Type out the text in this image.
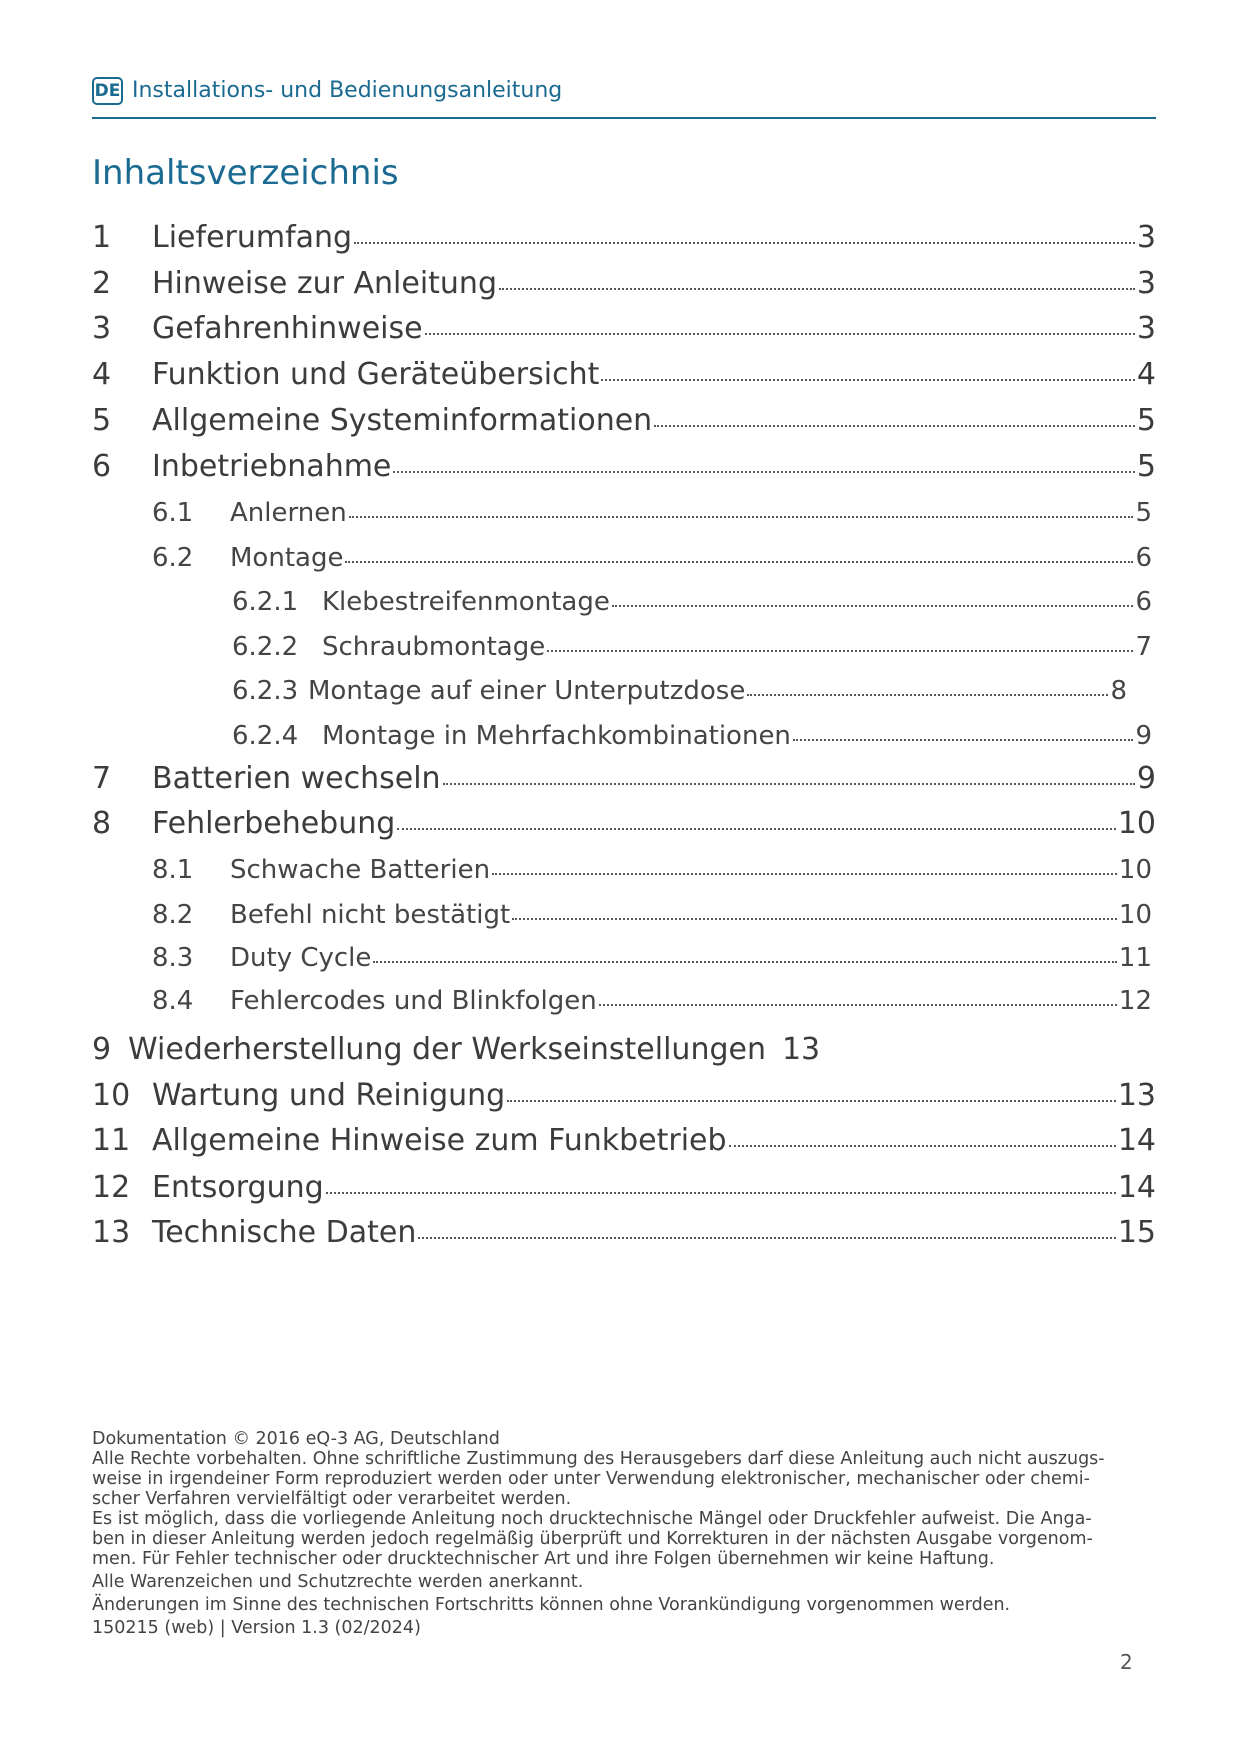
DE Installations- und Bedienungsanleitung
Inhaltsverzeichnis
1	Lieferumfang	3
2	Hinweise zur Anleitung	3
3	Gefahrenhinweise	3
4	Funktion und Geräteübersicht	4
5	Allgemeine Systeminformationen	5
6	Inbetriebnahme	5
6.1	Anlernen	5
6.2	Montage	6
6.2.1 Klebestreifenmontage	6
6.2.2 Schraubmontage	7
6.2.3 Montage auf einer Unterputzdose	8
6.2.4 Montage in Mehrfachkombinationen	9
7	Batterien wechseln	9
8	Fehlerbehebung	10
8.1	Schwache Batterien	10
8.2	Befehl nicht bestätigt	10
8.3	Duty Cycle	11
8.4	Fehlercodes und Blinkfolgen	12
9 Wiederherstellung der Werkseinstellungen 13
10 Wartung und Reinigung	13
11 Allgemeine Hinweise zum Funkbetrieb	14
12 Entsorgung	14
13 Technische Daten	15

Dokumentation © 2016 eQ-3 AG, Deutschland

Alle Rechte vorbehalten. Ohne schriftliche Zustimmung des Herausgebers darf diese Anleitung auch nicht auszugs-

weise in irgendeiner Form reproduziert werden oder unter Verwendung elektronischer, mechanischer oder chemi-

scher Verfahren vervielfältigt oder verarbeitet werden.

Es ist möglich, dass die vorliegende Anleitung noch drucktechnische Mängel oder Druckfehler aufweist. Die Anga-

ben in dieser Anleitung werden jedoch regelmäßig überprüft und Korrekturen in der nächsten Ausgabe vorgenom-

men. Für Fehler technischer oder drucktechnischer Art und ihre Folgen übernehmen wir keine Haftung.

Alle Warenzeichen und Schutzrechte werden anerkannt.

Änderungen im Sinne des technischen Fortschritts können ohne Vorankündigung vorgenommen werden.

150215 (web) | Version 1.3 (02/2024)

2
